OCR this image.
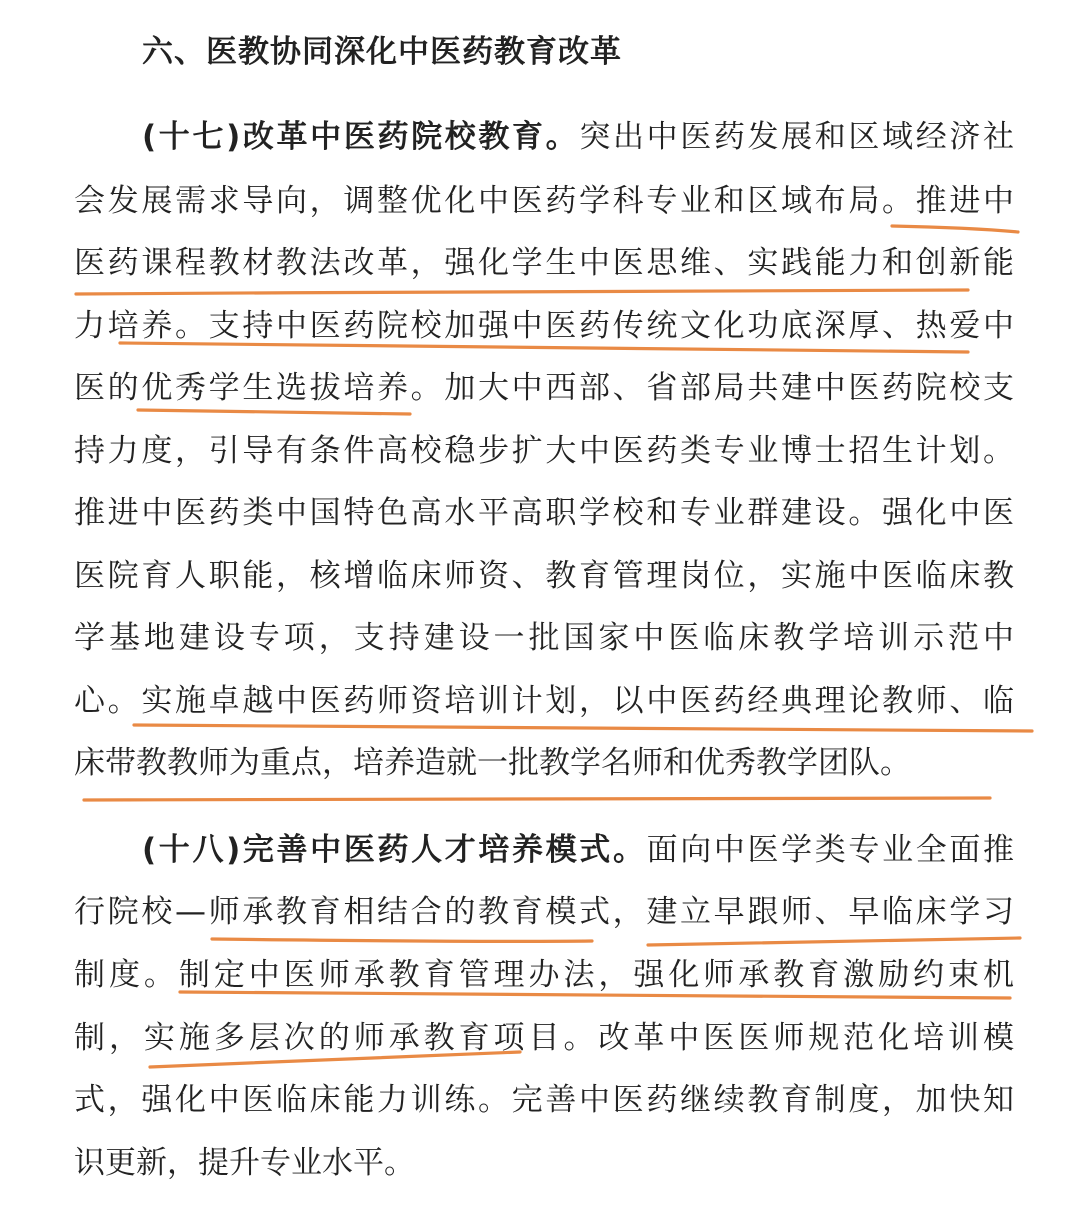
六、医教协同深化中医药教育改革
(十七)改革中医药院校教育。突出中医药发展和区域经济社
会发展需求导向，调整优化中医药学科专业和区域布局。推进中
医药课程教材教法改革，强化学生中医思维、实践能力和创新能
力培养。支持中医药院校加强中医药传统文化功底深厚、热爱中
医的优秀学生选拔培养。加大中西部、省部局共建中医药院校支
持力度，引导有条件高校稳步扩大中医药类专业博士招生计划。
推进中医药类中国特色高水平高职学校和专业群建设。强化中医
医院育人职能，核增临床师资、教育管理岗位，实施中医临床教
学基地建设专项，支持建设一批国家中医临床教学培训示范中
心。实施卓越中医药师资培训计划，以中医药经典理论教师、临
床带教教师为重点，培养造就一批教学名师和优秀教学团队。
(十八)完善中医药人才培养模式。面向中医学类专业全面推
行院校—师承教育相结合的教育模式，建立早跟师、早临床学习
制度。制定中医师承教育管理办法，强化师承教育激励约束机
制，实施多层次的师承教育项目。改革中医医师规范化培训模
式，强化中医临床能力训练。完善中医药继续教育制度，加快知
识更新，提升专业水平。
